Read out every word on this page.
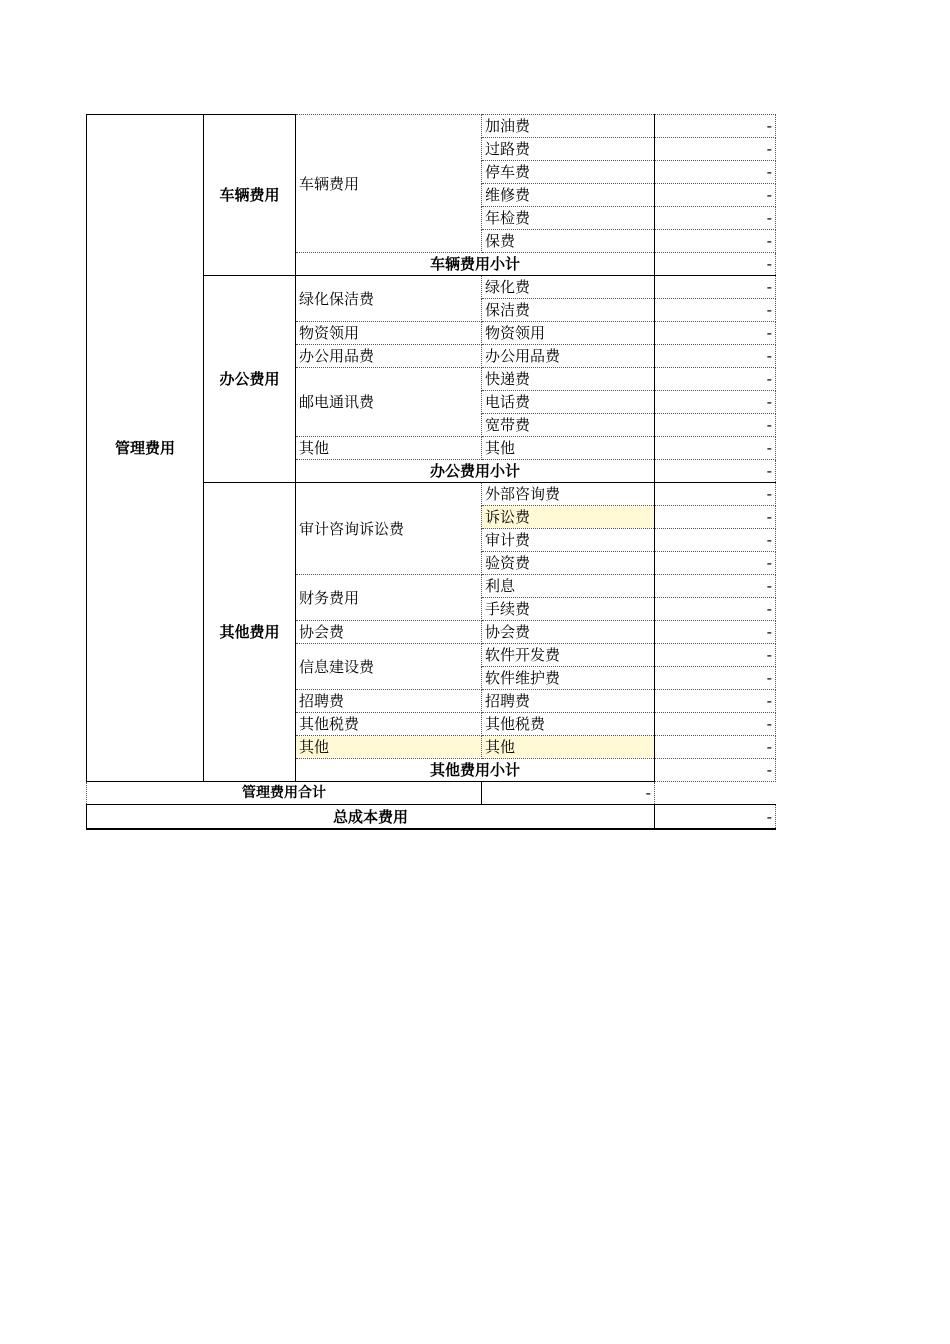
管理费用	车辆费用	车辆费用	加油费	-
			过路费	-
			停车费	-
			维修费	-
			年检费	-
			保费	-
		车辆费用小计		-
	办公费用	绿化保洁费	绿化费	-
			保洁费	-
		物资领用	物资领用	-
		办公用品费	办公用品费	-
		邮电通讯费	快递费	-
			电话费	-
			宽带费	-
		其他	其他	-
		办公费用小计		-
	其他费用	审计咨询诉讼费	外部咨询费	-
			诉讼费	-
			审计费	-
			验资费	-
		财务费用	利息	-
			手续费	-
		协会费	协会费	-
		信息建设费	软件开发费	-
			软件维护费	-
		招聘费	招聘费	-
		其他税费	其他税费	-
		其他	其他	-
		其他费用小计		-
管理费用合计			-	
总成本费用				-
